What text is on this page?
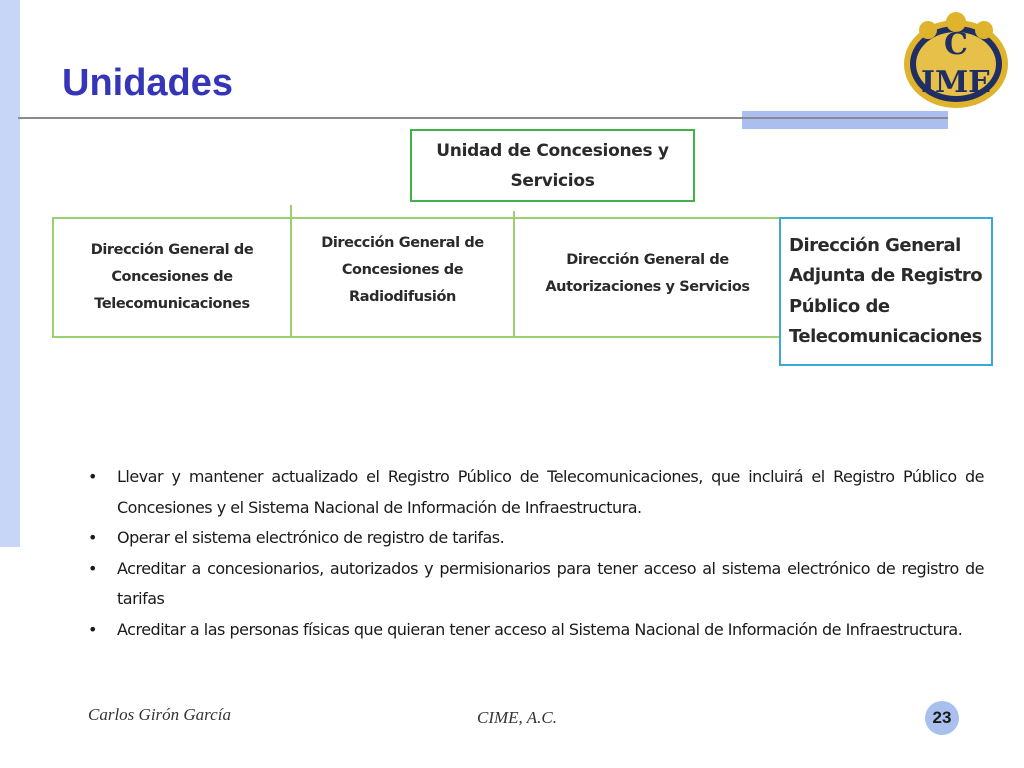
Unidades
C
IME
Unidad de Concesiones y Servicios
Dirección General de Concesiones de Telecomunicaciones
Dirección General de Concesiones de Radiodifusión
Dirección General de Autorizaciones y Servicios
Dirección General Adjunta de Registro Público de Telecomunicaciones
• Llevar y mantener actualizado el Registro Público de Telecomunicaciones, que incluirá el Registro Público de Concesiones y el Sistema Nacional de Información de Infraestructura.
• Operar el sistema electrónico de registro de tarifas.
• Acreditar a concesionarios, autorizados y permisionarios para tener acceso al sistema electrónico de registro de tarifas
• Acreditar a las personas físicas que quieran tener acceso al Sistema Nacional de Información de Infraestructura.
Carlos Girón García	CIME, A.C.	23
